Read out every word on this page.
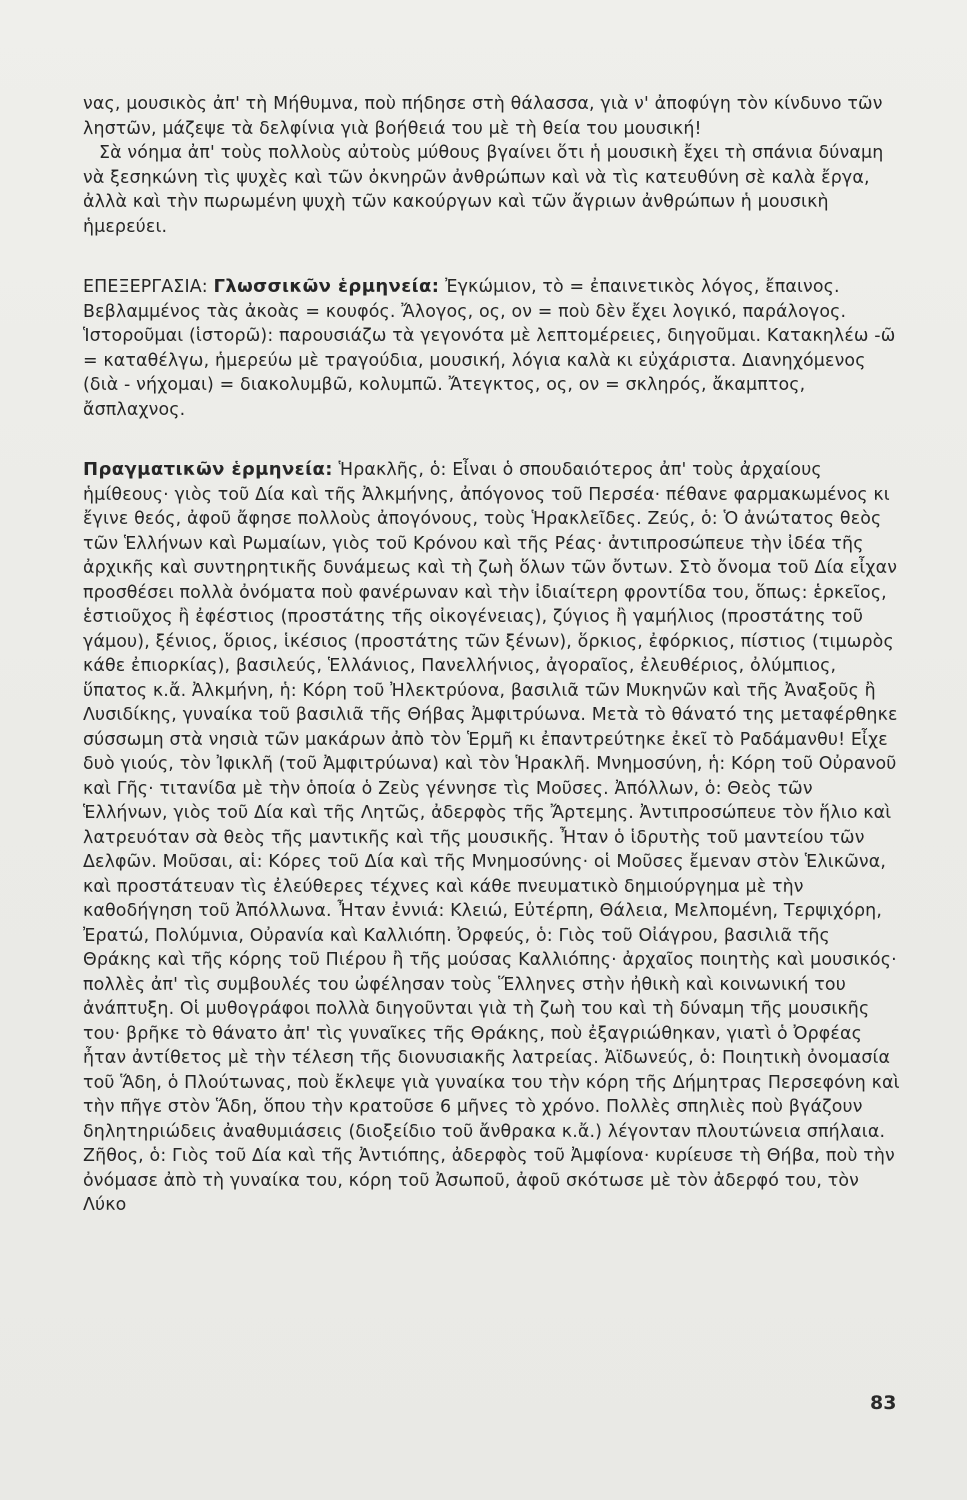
νας, μουσικὸς ἀπ' τὴ Μήθυμνα, ποὺ πήδησε στὴ θάλασσα, γιὰ ν' ἀποφύγη τὸν κίνδυνο τῶν ληστῶν, μάζεψε τὰ δελφίνια γιὰ βοήθειά του μὲ τὴ θεία του μουσική!

Σὰ νόημα ἀπ' τοὺς πολλοὺς αὐτοὺς μύθους βγαίνει ὅτι ἡ μουσικὴ ἔχει τὴ σπάνια δύναμη νὰ ξεσηκώνη τὶς ψυχὲς καὶ τῶν ὀκνηρῶν ἀνθρώπων καὶ νὰ τὶς κατευθύνη σὲ καλὰ ἔργα, ἀλλὰ καὶ τὴν πωρωμένη ψυχὴ τῶν κακούργων καὶ τῶν ἄγριων ἀνθρώπων ἡ μουσικὴ ἡμερεύει.

ΕΠΕΞΕΡΓΑΣΙΑ: Γλωσσικῶν ἑρμηνεία: Ἐγκώμιον, τὸ = ἐπαινετικὸς λόγος, ἔπαινος. Βεβλαμμένος τὰς ἀκοὰς = κουφός. Ἄλογος, ος, ον = ποὺ δὲν ἔχει λογικό, παράλογος. Ἱστοροῦμαι (ἱστορῶ): παρουσιάζω τὰ γεγονότα μὲ λεπτομέρειες, διηγοῦμαι. Κατακηλέω -ῶ = καταθέλγω, ἡμερεύω μὲ τραγούδια, μουσική, λόγια καλὰ κι εὐχάριστα. Διανηχόμενος (διὰ - νήχομαι) = διακολυμβῶ, κολυμπῶ. Ἄτεγκτος, ος, ον = σκληρός, ἄκαμπτος, ἄσπλαχνος.

Πραγματικῶν ἑρμηνεία: Ἡρακλῆς, ὁ: Εἶναι ὁ σπουδαιότερος ἀπ' τοὺς ἀρχαίους ἡμίθεους· γιὸς τοῦ Δία καὶ τῆς Ἀλκμήνης, ἀπόγονος τοῦ Περσέα· πέθανε φαρμακωμένος κι ἔγινε θεός, ἀφοῦ ἄφησε πολλοὺς ἀπογόνους, τοὺς Ἡρακλεῖδες. Ζεύς, ὁ: Ὁ ἀνώτατος θεὸς τῶν Ἑλλήνων καὶ Ρωμαίων, γιὸς τοῦ Κρόνου καὶ τῆς Ρέας· ἀντιπροσώπευε τὴν ἰδέα τῆς ἀρχικῆς καὶ συντηρητικῆς δυνάμεως καὶ τὴ ζωὴ ὅλων τῶν ὄντων. Στὸ ὄνομα τοῦ Δία εἶχαν προσθέσει πολλὰ ὀνόματα ποὺ φανέρωναν καὶ τὴν ἰδιαίτερη φροντίδα του, ὅπως: ἑρκεῖος, ἑστιοῦχος ἢ ἐφέστιος (προστάτης τῆς οἰκογένειας), ζύγιος ἢ γαμήλιος (προστάτης τοῦ γάμου), ξένιος, ὅριος, ἱκέσιος (προστάτης τῶν ξένων), ὅρκιος, ἐφόρκιος, πίστιος (τιμωρὸς κάθε ἐπιορκίας), βασιλεύς, Ἑλλάνιος, Πανελλήνιος, ἀγοραῖος, ἐλευθέριος, ὀλύμπιος, ὕπατος κ.ἄ. Ἀλκμήνη, ἡ: Κόρη τοῦ Ἠλεκτρύονα, βασιλιᾶ τῶν Μυκηνῶν καὶ τῆς Ἀναξοῦς ἢ Λυσιδίκης, γυναίκα τοῦ βασιλιᾶ τῆς Θήβας Ἀμφιτρύωνα. Μετὰ τὸ θάνατό της μεταφέρθηκε σύσσωμη στὰ νησιὰ τῶν μακάρων ἀπὸ τὸν Ἑρμῆ κι ἐπαντρεύτηκε ἐκεῖ τὸ Ραδάμανθυ! Εἶχε δυὸ γιούς, τὸν Ἰφικλῆ (τοῦ Ἀμφιτρύωνα) καὶ τὸν Ἡρακλῆ. Μνημοσύνη, ἡ: Κόρη τοῦ Οὐρανοῦ καὶ Γῆς· τιτανίδα μὲ τὴν ὁποία ὁ Ζεὺς γέννησε τὶς Μοῦσες. Ἀπόλλων, ὁ: Θεὸς τῶν Ἑλλήνων, γιὸς τοῦ Δία καὶ τῆς Λητῶς, ἀδερφὸς τῆς Ἄρτεμης. Ἀντιπροσώπευε τὸν ἥλιο καὶ λατρευόταν σὰ θεὸς τῆς μαντικῆς καὶ τῆς μουσικῆς. Ἦταν ὁ ἱδρυτὴς τοῦ μαντείου τῶν Δελφῶν. Μοῦσαι, αἱ: Κόρες τοῦ Δία καὶ τῆς Μνημοσύνης· οἱ Μοῦσες ἔμεναν στὸν Ἑλικῶνα, καὶ προστάτευαν τὶς ἐλεύθερες τέχνες καὶ κάθε πνευματικὸ δημιούργημα μὲ τὴν καθοδήγηση τοῦ Ἀπόλλωνα. Ἦταν ἐννιά: Κλειώ, Εὐτέρπη, Θάλεια, Μελπομένη, Τερψιχόρη, Ἐρατώ, Πολύμνια, Οὐρανία καὶ Καλλιόπη. Ὀρφεύς, ὁ: Γιὸς τοῦ Οἰάγρου, βασιλιᾶ τῆς Θράκης καὶ τῆς κόρης τοῦ Πιέρου ἢ τῆς μούσας Καλλιόπης· ἀρχαῖος ποιητὴς καὶ μουσικός· πολλὲς ἀπ' τὶς συμβουλές του ὠφέλησαν τοὺς Ἕλληνες στὴν ἠθικὴ καὶ κοινωνική του ἀνάπτυξη. Οἱ μυθογράφοι πολλὰ διηγοῦνται γιὰ τὴ ζωὴ του καὶ τὴ δύναμη τῆς μουσικῆς του· βρῆκε τὸ θάνατο ἀπ' τὶς γυναῖκες τῆς Θράκης, ποὺ ἐξαγριώθηκαν, γιατὶ ὁ Ὀρφέας ἦταν ἀντίθετος μὲ τὴν τέλεση τῆς διονυσιακῆς λατρείας. Ἀϊδωνεύς, ὁ: Ποιητικὴ ὀνομασία τοῦ Ἅδη, ὁ Πλούτωνας, ποὺ ἔκλεψε γιὰ γυναίκα του τὴν κόρη τῆς Δήμητρας Περσεφόνη καὶ τὴν πῆγε στὸν Ἅδη, ὅπου τὴν κρατοῦσε 6 μῆνες τὸ χρόνο. Πολλὲς σπηλιὲς ποὺ βγάζουν δηλητηριώδεις ἀναθυμιάσεις (διοξείδιο τοῦ ἄνθρακα κ.ἄ.) λέγονταν πλουτώνεια σπήλαια. Ζῆθος, ὁ: Γιὸς τοῦ Δία καὶ τῆς Ἀντιόπης, ἀδερφὸς τοῦ Ἀμφίονα· κυρίευσε τὴ Θήβα, ποὺ τὴν ὀνόμασε ἀπὸ τὴ γυναίκα του, κόρη τοῦ Ἀσωποῦ, ἀφοῦ σκότωσε μὲ τὸν ἀδερφό του, τὸν Λύκο

83
